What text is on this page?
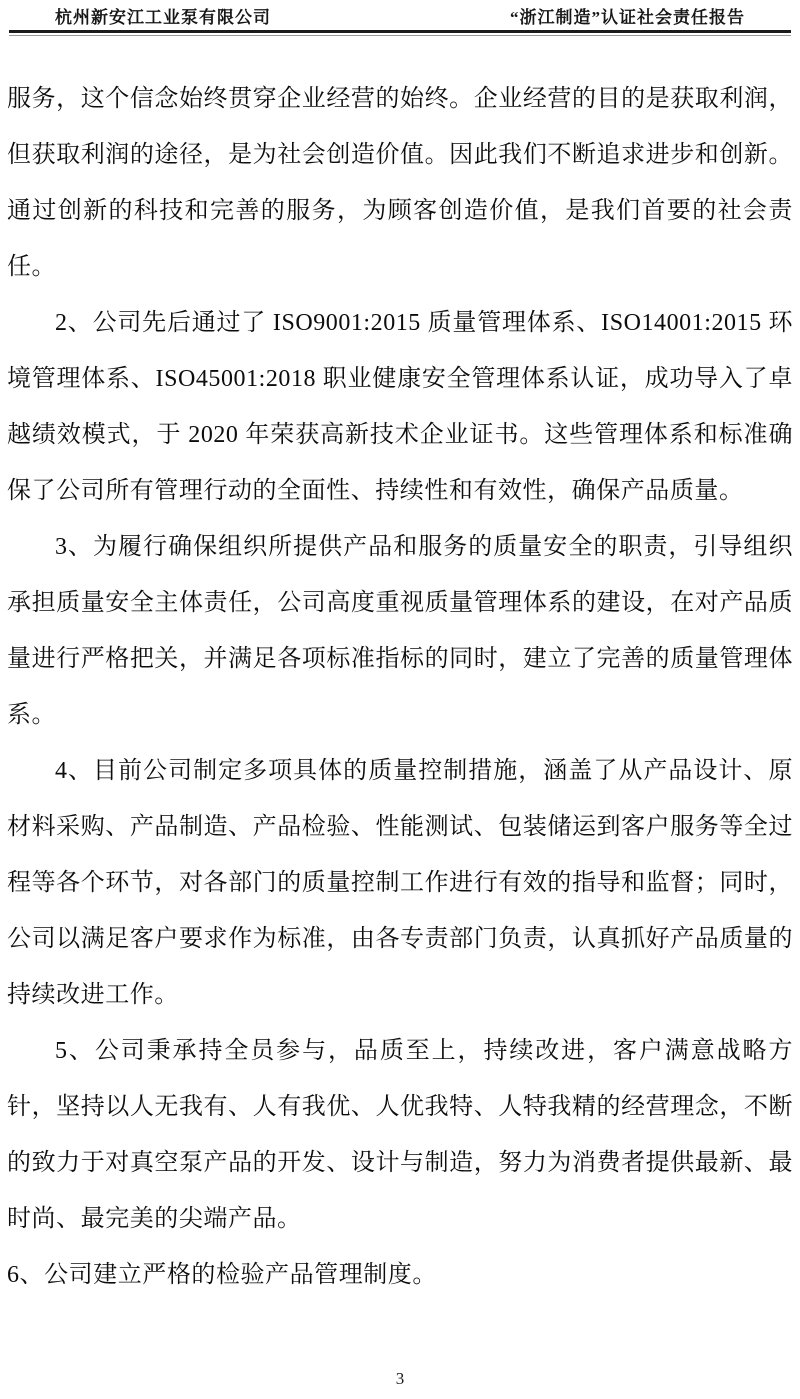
杭州新安江工业泵有限公司	“浙江制造”认证社会责任报告

服务，这个信念始终贯穿企业经营的始终。企业经营的目的是获取利润，但获取利润的途径，是为社会创造价值。因此我们不断追求进步和创新。通过创新的科技和完善的服务，为顾客创造价值，是我们首要的社会责任。

2、公司先后通过了 ISO9001:2015 质量管理体系、ISO14001:2015 环境管理体系、ISO45001:2018 职业健康安全管理体系认证，成功导入了卓越绩效模式，于 2020 年荣获高新技术企业证书。这些管理体系和标准确保了公司所有管理行动的全面性、持续性和有效性，确保产品质量。

3、为履行确保组织所提供产品和服务的质量安全的职责，引导组织承担质量安全主体责任，公司高度重视质量管理体系的建设，在对产品质量进行严格把关，并满足各项标准指标的同时，建立了完善的质量管理体系。

4、目前公司制定多项具体的质量控制措施，涵盖了从产品设计、原材料采购、产品制造、产品检验、性能测试、包装储运到客户服务等全过程等各个环节，对各部门的质量控制工作进行有效的指导和监督；同时，公司以满足客户要求作为标准，由各专责部门负责，认真抓好产品质量的持续改进工作。

5、公司秉承持全员参与，品质至上，持续改进，客户满意战略方针，坚持以人无我有、人有我优、人优我特、人特我精的经营理念，不断的致力于对真空泵产品的开发、设计与制造，努力为消费者提供最新、最时尚、最完美的尖端产品。

6、公司建立严格的检验产品管理制度。

3
